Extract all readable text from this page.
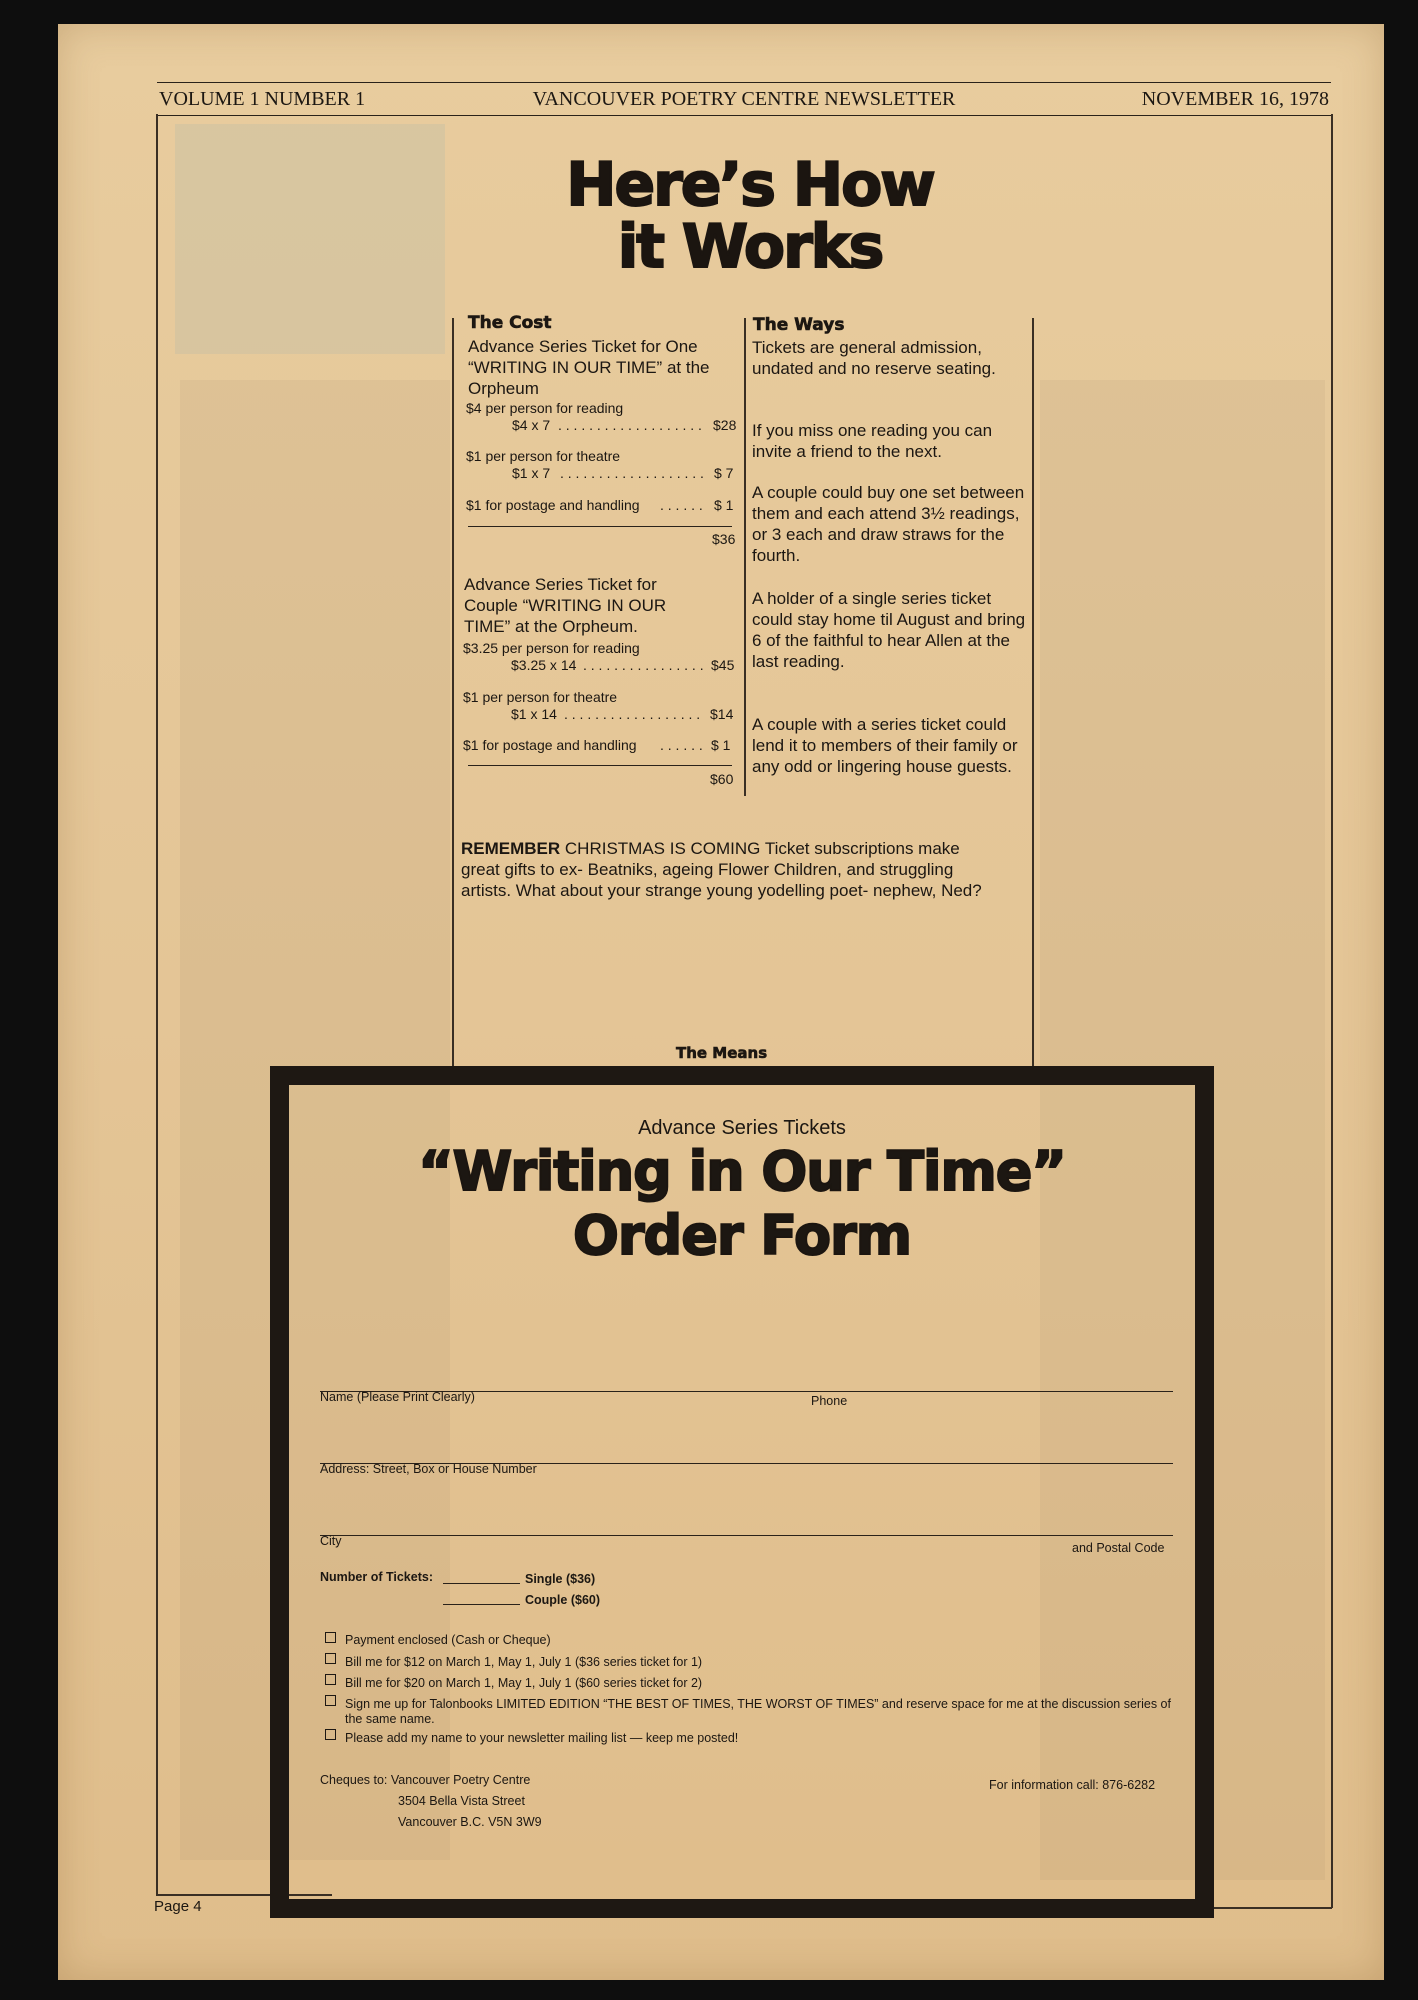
VOLUME 1 NUMBER 1	VANCOUVER POETRY CENTRE NEWSLETTER	NOVEMBER 16, 1978
Here’s How
it Works
The Cost
Advance Series Ticket for One “WRITING IN OUR TIME” at the Orpheum
$4 per person for reading
$4 x 7 . . . . . . . . . . . . . . . . . . . $28
$1 per person for theatre
$1 x 7 . . . . . . . . . . . . . . . . . . . $ 7
$1 for postage and handling . . . . . . $ 1
$36
Advance Series Ticket for Couple “WRITING IN OUR TIME” at the Orpheum.
$3.25 per person for reading
$3.25 x 14 . . . . . . . . . . . . . . . . $45
$1 per person for theatre
$1 x 14 . . . . . . . . . . . . . . . . . . $14
$1 for postage and handling . . . . . . $ 1
$60
The Ways
Tickets are general admission, undated and no reserve seating.
If you miss one reading you can invite a friend to the next.
A couple could buy one set between them and each attend 3½ readings, or 3 each and draw straws for the fourth.
A holder of a single series ticket could stay home til August and bring 6 of the faithful to hear Allen at the last reading.
A couple with a series ticket could lend it to members of their family or any odd or lingering house guests.
REMEMBER CHRISTMAS IS COMING Ticket subscriptions make great gifts to ex- Beatniks, ageing Flower Children, and struggling artists. What about your strange young yodelling poet- nephew, Ned?
The Means
Advance Series Tickets
“Writing in Our Time”
Order Form
Name (Please Print Clearly)	Phone
Address: Street, Box or House Number
City	and Postal Code
Number of Tickets:	Single ($36)
Couple ($60)
Payment enclosed (Cash or Cheque)
Bill me for $12 on March 1, May 1, July 1 ($36 series ticket for 1)
Bill me for $20 on March 1, May 1, July 1 ($60 series ticket for 2)
Sign me up for Talonbooks LIMITED EDITION “THE BEST OF TIMES, THE WORST OF TIMES” and reserve space for me at the discussion series of the same name.
Please add my name to your newsletter mailing list — keep me posted!
Cheques to: Vancouver Poetry Centre
3504 Bella Vista Street
Vancouver B.C. V5N 3W9
For information call: 876-6282
Page 4
